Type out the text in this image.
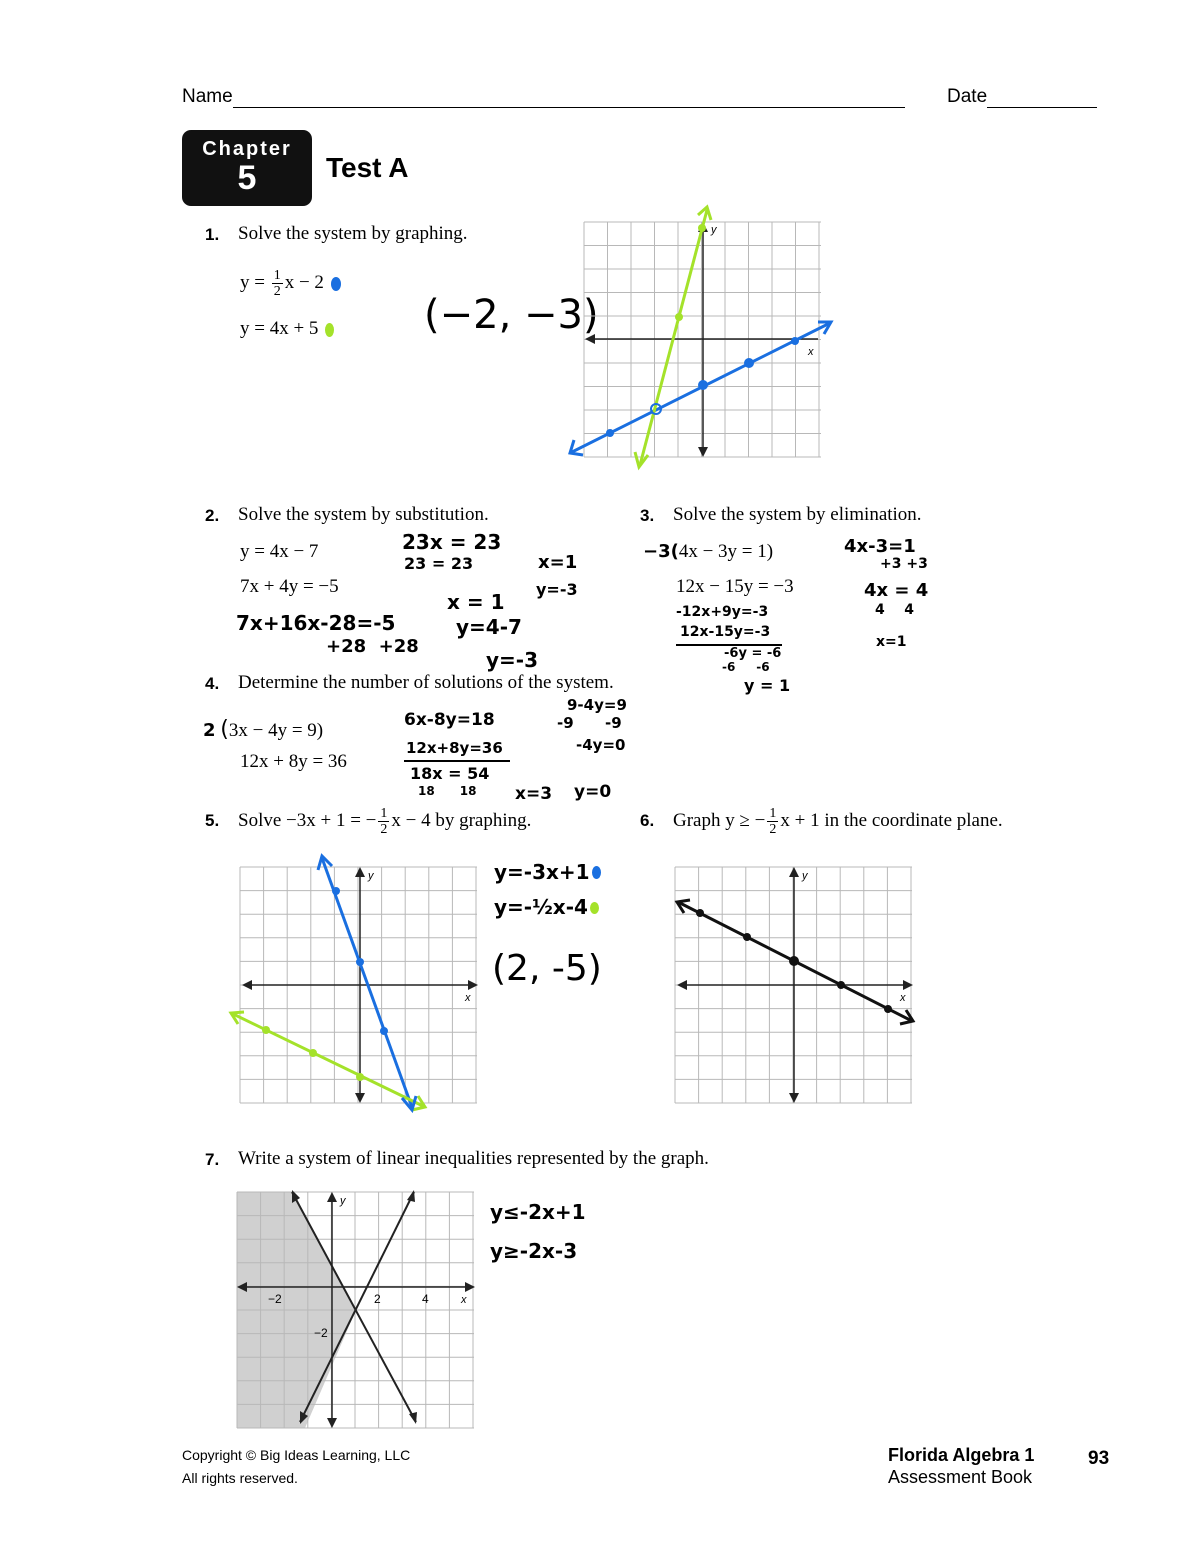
Name	Date
Chapter
5	Test A
1. Solve the system by graphing.
$y = \frac{1}{2}$ x − 2
y = 4x + 5	(−2, −3)
x
y
2. Solve the system by substitution.
y = 4x − 7
7x + 4y = −5
23x = 23
23 = 23	x=1
y=-3
x = 1
y=4-7
y=-3
7x+16x-28=-5
+28  +28
3. Solve the system by elimination.
−3(4x − 3y = 1)
12x − 15y = −3
4x-3=1
+3 +3
4x = 4
4    4
x=1
-12x+9y=-3
12x-15y=-3
-6y = -6
-6     -6
y = 1
4. Determine the number of solutions of the system.
2 (3x − 4y = 9)
12x + 8y = 36
6x-8y=18
12x+8y=36
18x = 54
18      18 x=3 y=0
9-4y=9
-9      -9
-4y=0
5. Solve −3x + 1 = − $\frac{1}{2}$ x − 4 by graphing.
y=-3x+1
y=-½x-4
(2, -5)
x
y
6. Graph y ≥ − $\frac{1}{2}$ x + 1 in the coordinate plane.
x
y
7. Write a system of linear inequalities represented by the graph.
y≤-2x+1
y≥-2x-3
x
y
−2	2	4
−2
Copyright © Big Ideas Learning, LLC
All rights reserved.
Florida Algebra 1
Assessment Book
93
